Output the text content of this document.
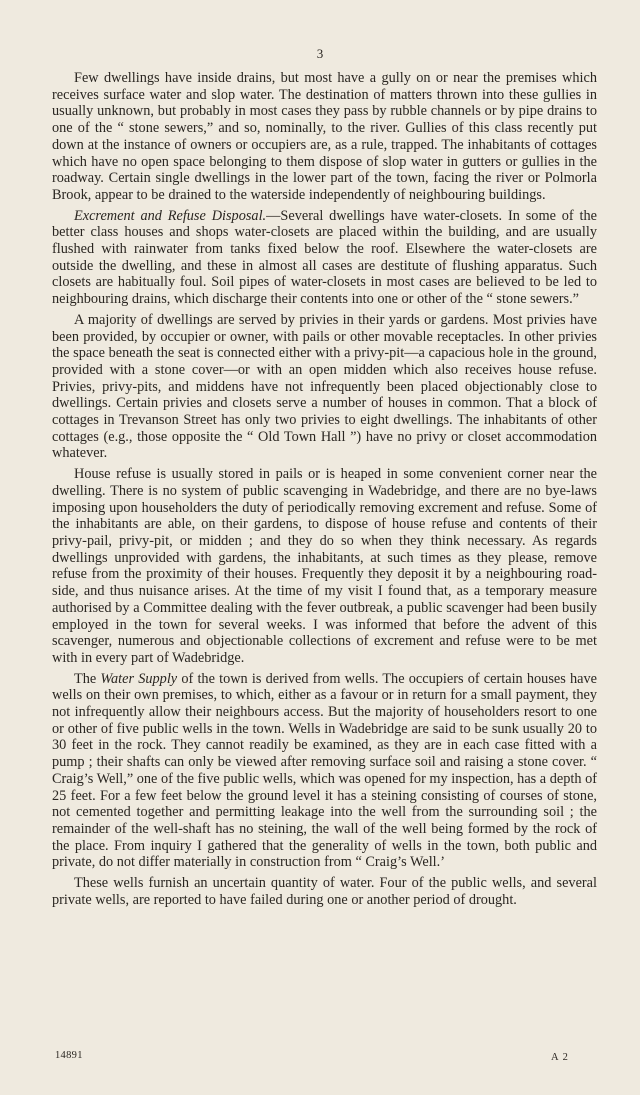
3

Few dwellings have inside drains, but most have a gully on or near the premises which receives surface water and slop water. The destination of matters thrown into these gullies in usually unknown, but probably in most cases they pass by rubble channels or by pipe drains to one of the “ stone sewers,” and so, nominally, to the river. Gullies of this class recently put down at the instance of owners or occupiers are, as a rule, trapped. The inhabitants of cottages which have no open space belonging to them dispose of slop water in gutters or gullies in the roadway. Certain single dwellings in the lower part of the town, facing the river or Polmorla Brook, appear to be drained to the waterside independently of neighbouring buildings.

Excrement and Refuse Disposal.—Several dwellings have water-closets. In some of the better class houses and shops water-closets are placed within the building, and are usually flushed with rainwater from tanks fixed below the roof. Elsewhere the water-closets are outside the dwelling, and these in almost all cases are destitute of flushing apparatus. Such closets are habitually foul. Soil pipes of water-closets in most cases are believed to be led to neighbouring drains, which discharge their contents into one or other of the “ stone sewers.”

A majority of dwellings are served by privies in their yards or gardens. Most privies have been provided, by occupier or owner, with pails or other movable receptacles. In other privies the space beneath the seat is connected either with a privy-pit—a capacious hole in the ground, provided with a stone cover—or with an open midden which also receives house refuse. Privies, privy-pits, and middens have not infrequently been placed objectionably close to dwellings. Certain privies and closets serve a number of houses in common. That a block of cottages in Trevanson Street has only two privies to eight dwellings. The inhabitants of other cottages (e.g., those opposite the “ Old Town Hall ”) have no privy or closet accommodation whatever.

House refuse is usually stored in pails or is heaped in some convenient corner near the dwelling. There is no system of public scavenging in Wadebridge, and there are no bye-laws imposing upon householders the duty of periodically removing excrement and refuse. Some of the inhabitants are able, on their gardens, to dispose of house refuse and contents of their privy-pail, privy-pit, or midden ; and they do so when they think necessary. As regards dwellings unprovided with gardens, the inhabitants, at such times as they please, remove refuse from the proximity of their houses. Frequently they deposit it by a neighbouring road-side, and thus nuisance arises. At the time of my visit I found that, as a temporary measure authorised by a Committee dealing with the fever outbreak, a public scavenger had been busily employed in the town for several weeks. I was informed that before the advent of this scavenger, numerous and objectionable collections of excrement and refuse were to be met with in every part of Wadebridge.

The Water Supply of the town is derived from wells. The occupiers of certain houses have wells on their own premises, to which, either as a favour or in return for a small payment, they not infrequently allow their neighbours access. But the majority of householders resort to one or other of five public wells in the town. Wells in Wadebridge are said to be sunk usually 20 to 30 feet in the rock. They cannot readily be examined, as they are in each case fitted with a pump ; their shafts can only be viewed after removing surface soil and raising a stone cover. “ Craig’s Well,” one of the five public wells, which was opened for my inspection, has a depth of 25 feet. For a few feet below the ground level it has a steining consisting of courses of stone, not cemented together and permitting leakage into the well from the surrounding soil ; the remainder of the well-shaft has no steining, the wall of the well being formed by the rock of the place. From inquiry I gathered that the generality of wells in the town, both public and private, do not differ materially in construction from “ Craig’s Well.’

These wells furnish an uncertain quantity of water. Four of the public wells, and several private wells, are reported to have failed during one or another period of drought.

14891	A 2
